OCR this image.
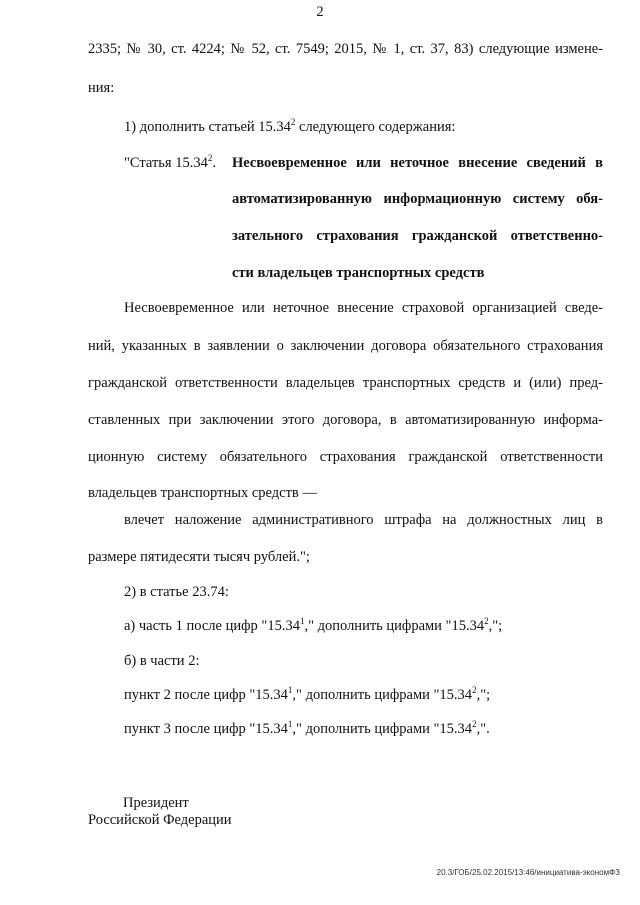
2
2335; № 30, ст. 4224; № 52, ст. 7549; 2015, № 1, ст. 37, 83) следующие измене-
ния:
1) дополнить статьей 15.34$^2$ следующего содержания:
"Статья 15.34$^2$. Несвоевременное или неточное внесение сведений в
автоматизированную информационную систему обя-
зательного страхования гражданской ответственно-
сти владельцев транспортных средств
Несвоевременное или неточное внесение страховой организацией сведе-
ний, указанных в заявлении о заключении договора обязательного страхования
гражданской ответственности владельцев транспортных средств и (или) пред-
ставленных при заключении этого договора, в автоматизированную информа-
ционную систему обязательного страхования гражданской ответственности
владельцев транспортных средств —
влечет наложение административного штрафа на должностных лиц в
размере пятидесяти тысяч рублей.";
2) в статье 23.74:
а) часть 1 после цифр "15.34$^1$," дополнить цифрами "15.34$^2$,";
б) в части 2:
пункт 2 после цифр "15.34$^1$," дополнить цифрами "15.34$^2$,";
пункт 3 после цифр "15.34$^1$," дополнить цифрами "15.34$^2$,".
Президент
Российской Федерации
20.3/ГОБ/25.02.2015/13:46/инициатива-экономФЗ
